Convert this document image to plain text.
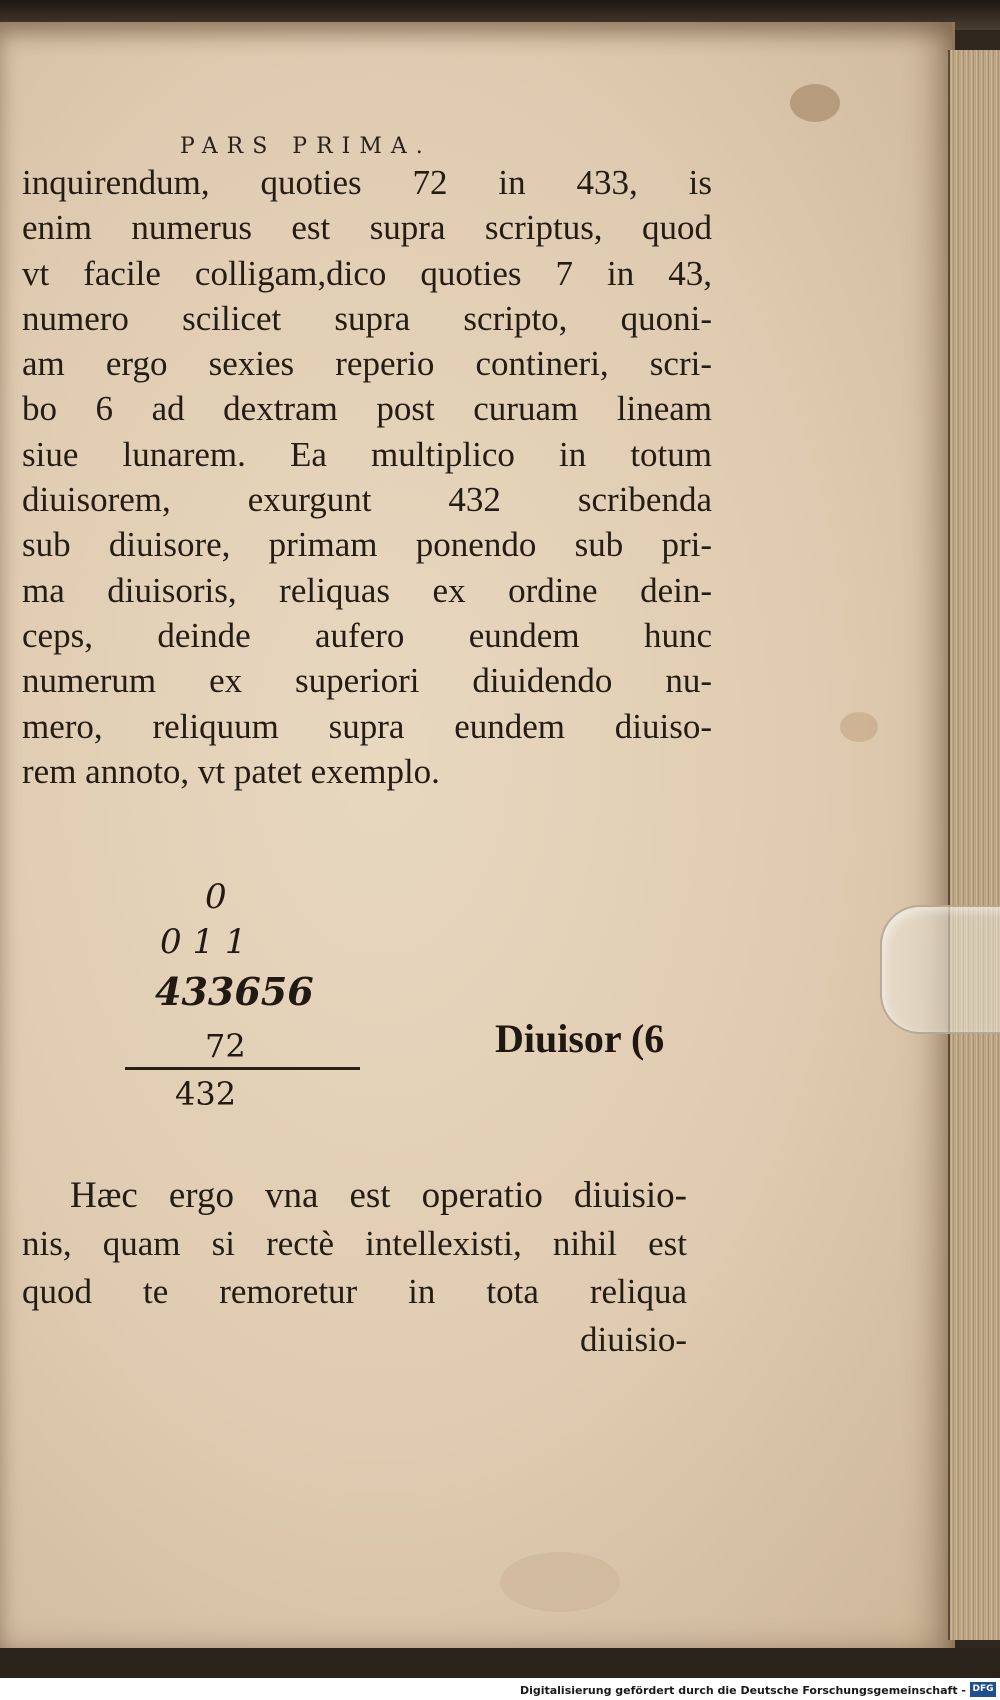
PARS PRIMA.
inquirendum, quoties 72 in 433, is
enim numerus est supra scriptus, quod
vt facile colligam,dico quoties 7 in 43,
numero scilicet supra scripto, quoni-
am ergo sexies reperio contineri, scri-
bo 6 ad dextram post curuam lineam
siue lunarem. Ea multiplico in totum
diuisorem, exurgunt 432 scribenda
sub diuisore, primam ponendo sub pri-
ma diuisoris, reliquas ex ordine dein-
ceps, deinde aufero eundem hunc
numerum ex superiori diuidendo nu-
mero, reliquum supra eundem diuiso-
rem annoto, vt patet exemplo.
0
0 1 1
433656
72
432
Diuisor (6
Hæc ergo vna est operatio diuisio-
nis, quam si rectè intellexisti, nihil est
quod te remoretur in tota reliqua
diuisio-
Digitalisierung gefördert durch die Deutsche Forschungsgemeinschaft - DFG
